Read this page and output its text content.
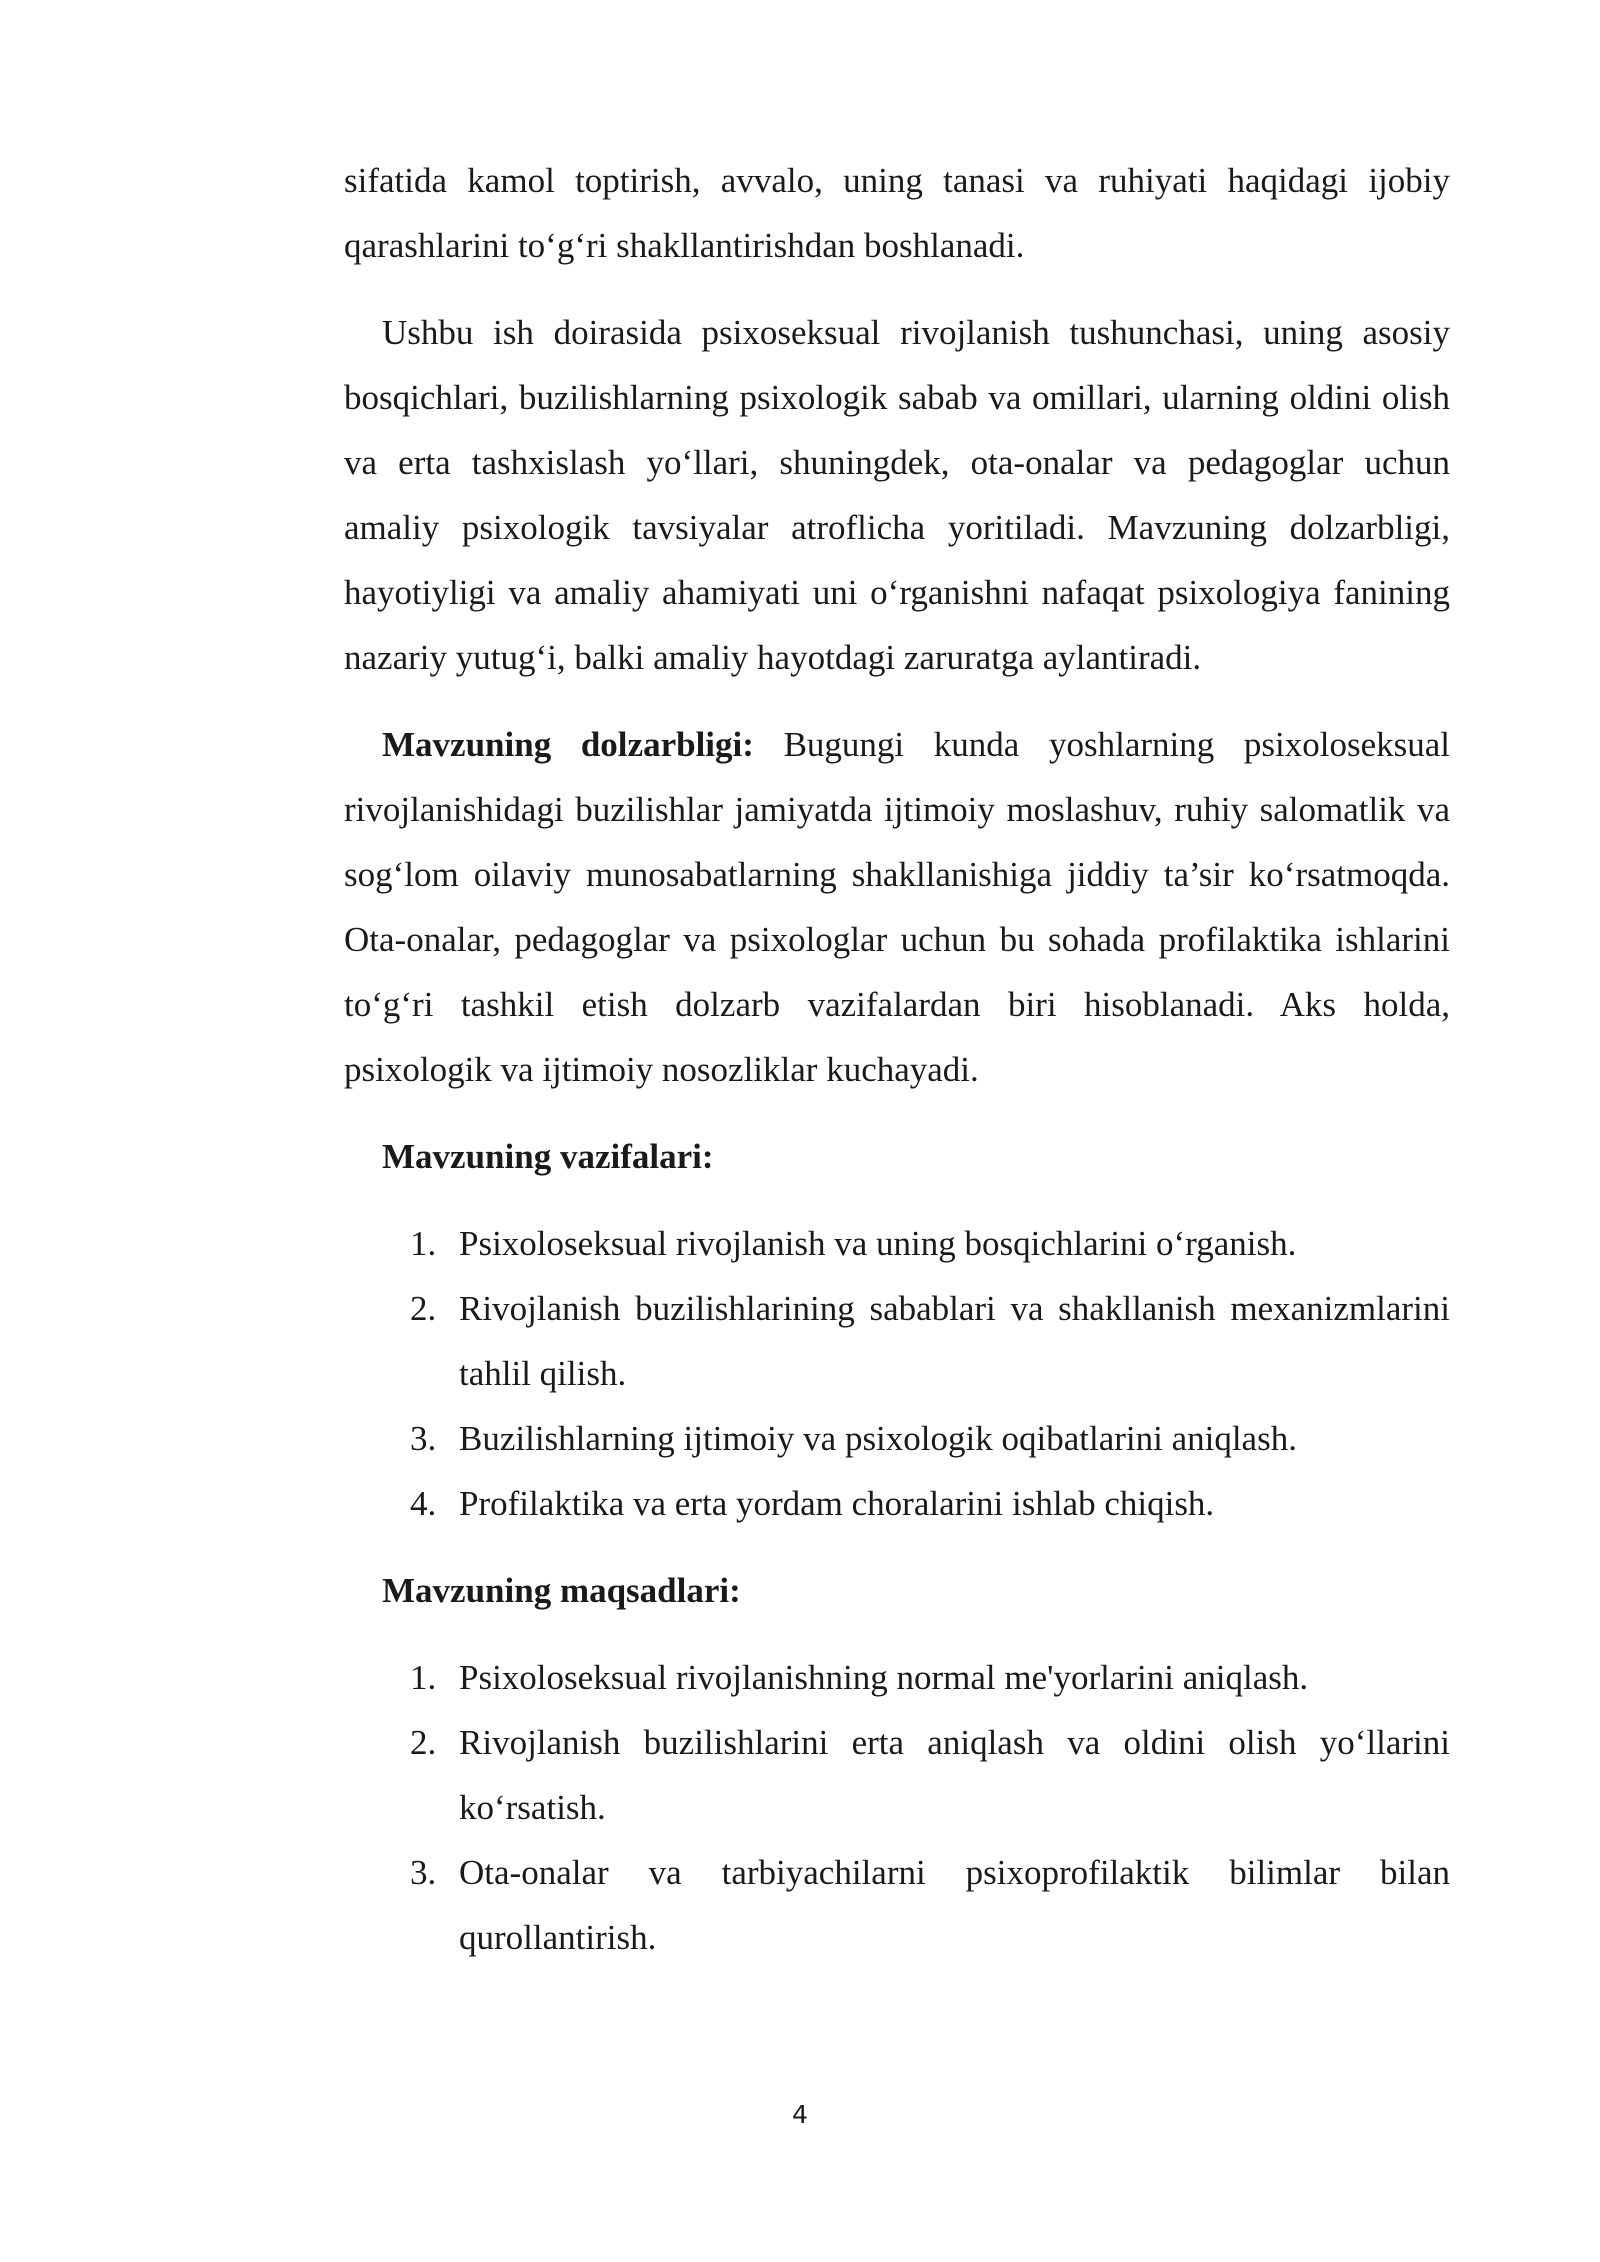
sifatida kamol toptirish, avvalo, uning tanasi va ruhiyati haqidagi ijobiy qarashlarini to‘g‘ri shakllantirishdan boshlanadi.

Ushbu ish doirasida psixoseksual rivojlanish tushunchasi, uning asosiy bosqichlari, buzilishlarning psixologik sabab va omillari, ularning oldini olish va erta tashxislash yo‘llari, shuningdek, ota-onalar va pedagoglar uchun amaliy psixologik tavsiyalar atroflicha yoritiladi. Mavzuning dolzarbligi, hayotiyligi va amaliy ahamiyati uni o‘rganishni nafaqat psixologiya fanining nazariy yutug‘i, balki amaliy hayotdagi zaruratga aylantiradi.

Mavzuning dolzarbligi: Bugungi kunda yoshlarning psixoloseksual rivojlanishidagi buzilishlar jamiyatda ijtimoiy moslashuv, ruhiy salomatlik va sog‘lom oilaviy munosabatlarning shakllanishiga jiddiy ta’sir ko‘rsatmoqda. Ota-onalar, pedagoglar va psixologlar uchun bu sohada profilaktika ishlarini to‘g‘ri tashkil etish dolzarb vazifalardan biri hisoblanadi. Aks holda, psixologik va ijtimoiy nosozliklar kuchayadi.

Mavzuning vazifalari:

1. Psixoloseksual rivojlanish va uning bosqichlarini o‘rganish.
2. Rivojlanish buzilishlarining sabablari va shakllanish mexanizmlarini tahlil qilish.
3. Buzilishlarning ijtimoiy va psixologik oqibatlarini aniqlash.
4. Profilaktika va erta yordam choralarini ishlab chiqish.

Mavzuning maqsadlari:

1. Psixoloseksual rivojlanishning normal me'yorlarini aniqlash.
2. Rivojlanish buzilishlarini erta aniqlash va oldini olish yo‘llarini ko‘rsatish.
3. Ota-onalar va tarbiyachilarni psixoprofilaktik bilimlar bilan qurollantirish.
4
